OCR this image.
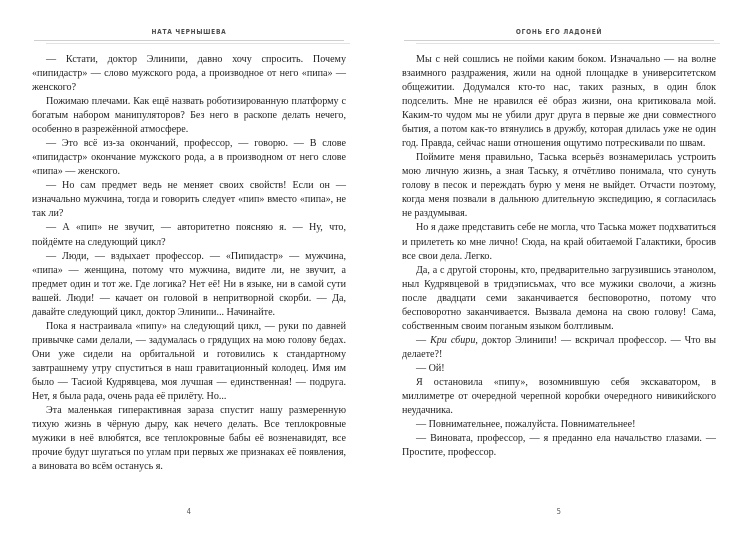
НАТА ЧЕРНЫШЕВА

— Кстати, доктор Элинипи, давно хочу спросить. Почему «пипидастр» — слово мужского рода, а производное от него «пипа» — женского?

Пожимаю плечами. Как ещё назвать роботизированную платформу с богатым набором манипуляторов? Без него в раскопе делать нечего, особенно в разрежённой атмосфере.

— Это всё из-за окончаний, профессор, — говорю. — В слове «пипидастр» окончание мужского рода, а в производном от него слове «пипа» — женского.

— Но сам предмет ведь не меняет своих свойств! Если он — изначально мужчина, тогда и говорить следует «пип» вместо «пипа», не так ли?

— А «пип» не звучит, — авторитетно поясняю я. — Ну, что, пойдёмте на следующий цикл?

— Люди, — вздыхает профессор. — «Пипидастр» — мужчина, «пипа» — женщина, потому что мужчина, видите ли, не звучит, а предмет один и тот же. Где логика? Нет её! Ни в языке, ни в самой сути вашей. Люди! — качает он головой в непритворной скорби. — Да, давайте следующий цикл, доктор Элинипи... Начинайте.

Пока я настраивала «пипу» на следующий цикл, — руки по давней привычке сами делали, — задумалась о грядущих на мою голову бедах. Они уже сидели на орбитальной и готовились к стандартному завтрашнему утру спуститься в наш гравитационный колодец. Имя им было — Тасиой Кудрявцева, моя лучшая — единственная! — подруга. Нет, я была рада, очень рада её прилёту. Но...

Эта маленькая гиперактивная зараза спустит нашу размеренную тихую жизнь в чёрную дыру, как нечего делать. Все теплокровные мужики в неё влюбятся, все теплокровные бабы её возненавидят, все прочие будут шугаться по углам при первых же признаках её появления, а виновата во всём останусь я.

4
ОГОНЬ ЕГО ЛАДОНЕЙ

Мы с ней сошлись не пойми каким боком. Изначально — на волне взаимного раздражения, жили на одной площадке в университетском общежитии. Додумался кто-то нас, таких разных, в один блок подселить. Мне не нравился её образ жизни, она критиковала мой. Каким-то чудом мы не убили друг друга в первые же дни совместного бытия, а потом как-то втянулись в дружбу, которая длилась уже не один год. Правда, сейчас наши отношения ощутимо потрескивали по швам.

Поймите меня правильно, Таська всерьёз вознамерилась устроить мою личную жизнь, а зная Таську, я отчётливо понимала, что сунуть голову в песок и переждать бурю у меня не выйдет. Отчасти поэтому, когда меня позвали в дальнюю длительную экспедицию, я согласилась не раздумывая.

Но я даже представить себе не могла, что Таська может подхватиться и прилететь ко мне лично! Сюда, на край обитаемой Галактики, бросив все свои дела. Легко.

Да, а с другой стороны, кто, предварительно загрузившись этанолом, ныл Кудрявцевой в тридэписьмах, что все мужики сволочи, а жизнь после двадцати семи заканчивается бесповоротно, потому что бесповоротно заканчивается. Вызвала демона на свою голову! Сама, собственным своим поганым языком болтливым.

— Кри сбири, доктор Элинипи! — вскричал профессор. — Что вы делаете?!

— Ой!

Я остановила «пипу», возомнившую себя экскаватором, в миллиметре от очередной черепной коробки очередного нивикийского неудачника.

— Повнимательнее, пожалуйста. Повнимательнее!

— Виновата, профессор, — я преданно ела начальство глазами. — Простите, профессор.

5
